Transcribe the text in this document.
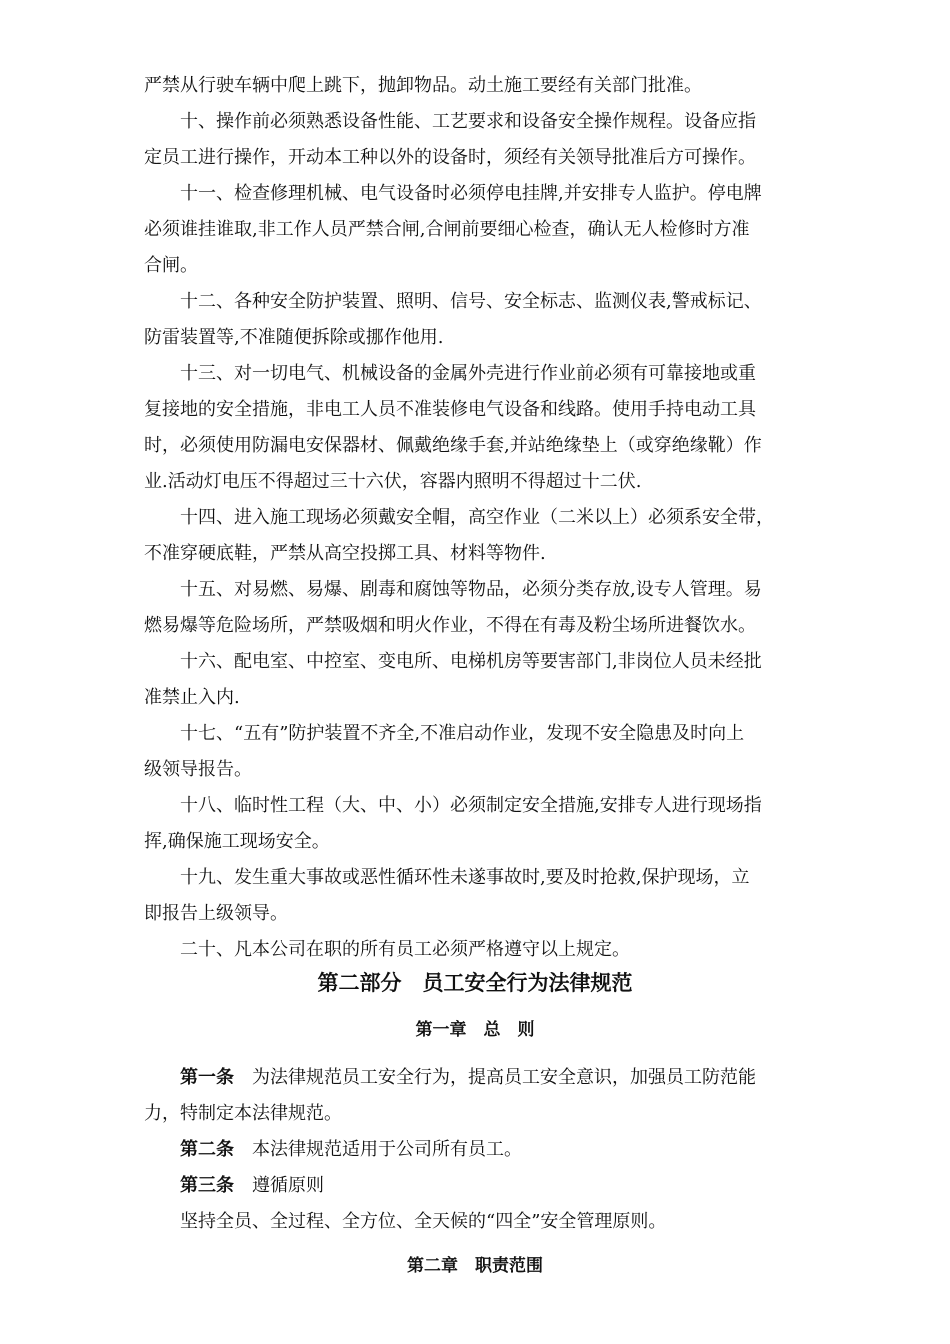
严禁从行驶车辆中爬上跳下，抛卸物品。动土施工要经有关部门批准。

十、操作前必须熟悉设备性能、工艺要求和设备安全操作规程。设备应指

定员工进行操作，开动本工种以外的设备时，须经有关领导批准后方可操作。

十一、检查修理机械、电气设备时必须停电挂牌,并安排专人监护。停电牌

必须谁挂谁取,非工作人员严禁合闸,合闸前要细心检查，确认无人检修时方准

合闸。

十二、各种安全防护装置、照明、信号、安全标志、监测仪表,警戒标记、

防雷装置等,不准随便拆除或挪作他用.

十三、对一切电气、机械设备的金属外壳进行作业前必须有可靠接地或重

复接地的安全措施，非电工人员不准装修电气设备和线路。使用手持电动工具

时，必须使用防漏电安保器材、佩戴绝缘手套,并站绝缘垫上（或穿绝缘靴）作

业.活动灯电压不得超过三十六伏，容器内照明不得超过十二伏.

十四、进入施工现场必须戴安全帽，高空作业（二米以上）必须系安全带，

不准穿硬底鞋，严禁从高空投掷工具、材料等物件.

十五、对易燃、易爆、剧毒和腐蚀等物品，必须分类存放,设专人管理。易

燃易爆等危险场所，严禁吸烟和明火作业，不得在有毒及粉尘场所进餐饮水。

十六、配电室、中控室、变电所、电梯机房等要害部门,非岗位人员未经批

准禁止入内.

十七、“五有”防护装置不齐全,不准启动作业，发现不安全隐患及时向上

级领导报告。

十八、临时性工程（大、中、小）必须制定安全措施,安排专人进行现场指

挥,确保施工现场安全。

十九、发生重大事故或恶性循环性未遂事故时,要及时抢救,保护现场，立

即报告上级领导。

二十、凡本公司在职的所有员工必须严格遵守以上规定。

第二部分　员工安全行为法律规范

第一章　总　则

第一条 为法律规范员工安全行为，提高员工安全意识，加强员工防范能

力，特制定本法律规范。

第二条 本法律规范适用于公司所有员工。

第三条 遵循原则

坚持全员、全过程、全方位、全天候的“四全”安全管理原则。

第二章　职责范围
